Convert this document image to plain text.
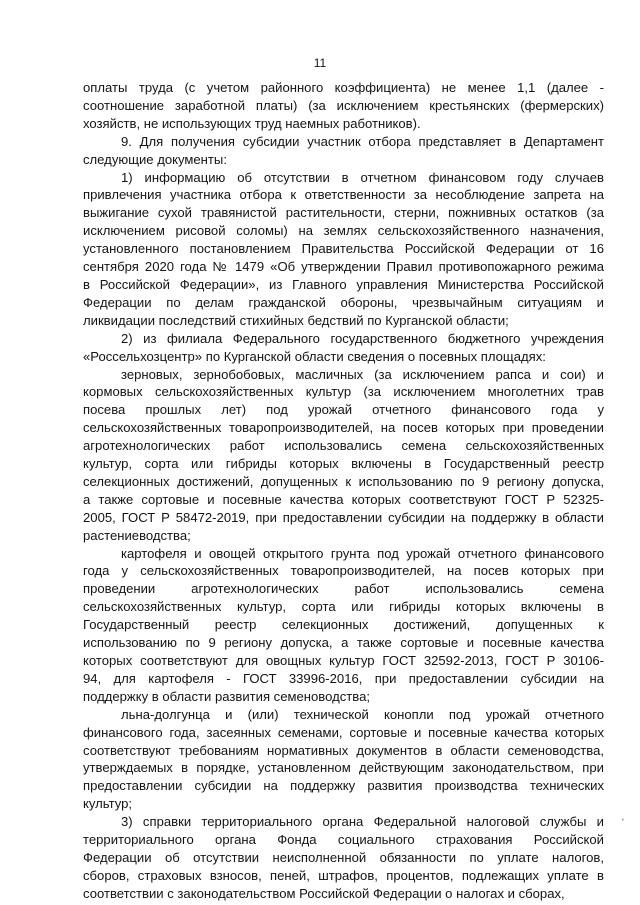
11
оплаты труда (с учетом районного коэффициента) не менее 1,1 (далее -
соотношение заработной платы) (за исключением крестьянских (фермерских)
хозяйств, не использующих труд наемных работников).
9. Для получения субсидии участник отбора представляет в Департамент
следующие документы:
1) информацию об отсутствии в отчетном финансовом году случаев
привлечения участника отбора к ответственности за несоблюдение запрета на
выжигание сухой травянистой растительности, стерни, пожнивных остатков (за
исключением рисовой соломы) на землях сельскохозяйственного назначения,
установленного постановлением Правительства Российской Федерации от 16
сентября 2020 года № 1479 «Об утверждении Правил противопожарного режима
в Российской Федерации», из Главного управления Министерства Российской
Федерации по делам гражданской обороны, чрезвычайным ситуациям и
ликвидации последствий стихийных бедствий по Курганской области;
2) из филиала Федерального государственного бюджетного учреждения
«Россельхозцентр» по Курганской области сведения о посевных площадях:
зерновых, зернобобовых, масличных (за исключением рапса и сои) и
кормовых сельскохозяйственных культур (за исключением многолетних трав
посева прошлых лет) под урожай отчетного финансового года у
сельскохозяйственных товаропроизводителей, на посев которых при проведении
агротехнологических работ использовались семена сельскохозяйственных
культур, сорта или гибриды которых включены в Государственный реестр
селекционных достижений, допущенных к использованию по 9 региону допуска,
а также сортовые и посевные качества которых соответствуют ГОСТ Р 52325-
2005, ГОСТ Р 58472-2019, при предоставлении субсидии на поддержку в области
растениеводства;
картофеля и овощей открытого грунта под урожай отчетного финансового
года у сельскохозяйственных товаропроизводителей, на посев которых при
проведении агротехнологических работ использовались семена
сельскохозяйственных культур, сорта или гибриды которых включены в
Государственный реестр селекционных достижений, допущенных к
использованию по 9 региону допуска, а также сортовые и посевные качества
которых соответствуют для овощных культур ГОСТ 32592-2013, ГОСТ Р 30106-
94, для картофеля - ГОСТ 33996-2016, при предоставлении субсидии на
поддержку в области развития семеноводства;
льна-долгунца и (или) технической конопли под урожай отчетного
финансового года, засеянных семенами, сортовые и посевные качества которых
соответствуют требованиям нормативных документов в области семеноводства,
утверждаемых в порядке, установленном действующим законодательством, при
предоставлении субсидии на поддержку развития производства технических
культур;
3) справки территориального органа Федеральной налоговой службы и
территориального органа Фонда социального страхования Российской
Федерации об отсутствии неисполненной обязанности по уплате налогов,
сборов, страховых взносов, пеней, штрафов, процентов, подлежащих уплате в
соответствии с законодательством Российской Федерации о налогах и сборах,
'
